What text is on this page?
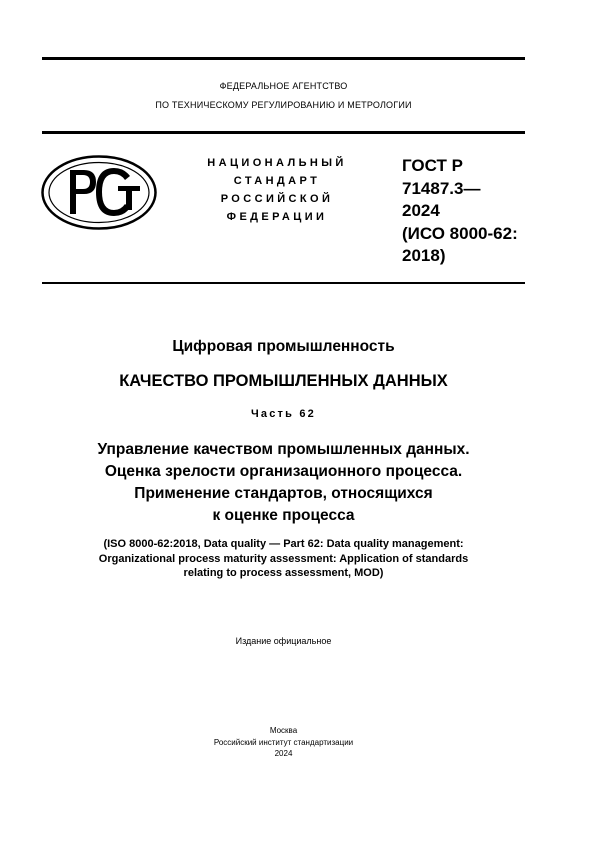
ФЕДЕРАЛЬНОЕ АГЕНТСТВО
ПО ТЕХНИЧЕСКОМУ РЕГУЛИРОВАНИЮ И МЕТРОЛОГИИ
НАЦИОНАЛЬНЫЙ
СТАНДАРТ
РОССИЙСКОЙ
ФЕДЕРАЦИИ
ГОСТ Р
71487.3—
2024
(ИСО 8000-62:
2018)
Цифровая промышленность
КАЧЕСТВО ПРОМЫШЛЕННЫХ ДАННЫХ
Часть 62
Управление качеством промышленных данных.
Оценка зрелости организационного процесса.
Применение стандартов, относящихся
к оценке процесса
(ISO 8000-62:2018, Data quality — Part 62: Data quality management:
Organizational process maturity assessment: Application of standards
relating to process assessment, MOD)
Издание официальное
Москва
Российский институт стандартизации
2024
